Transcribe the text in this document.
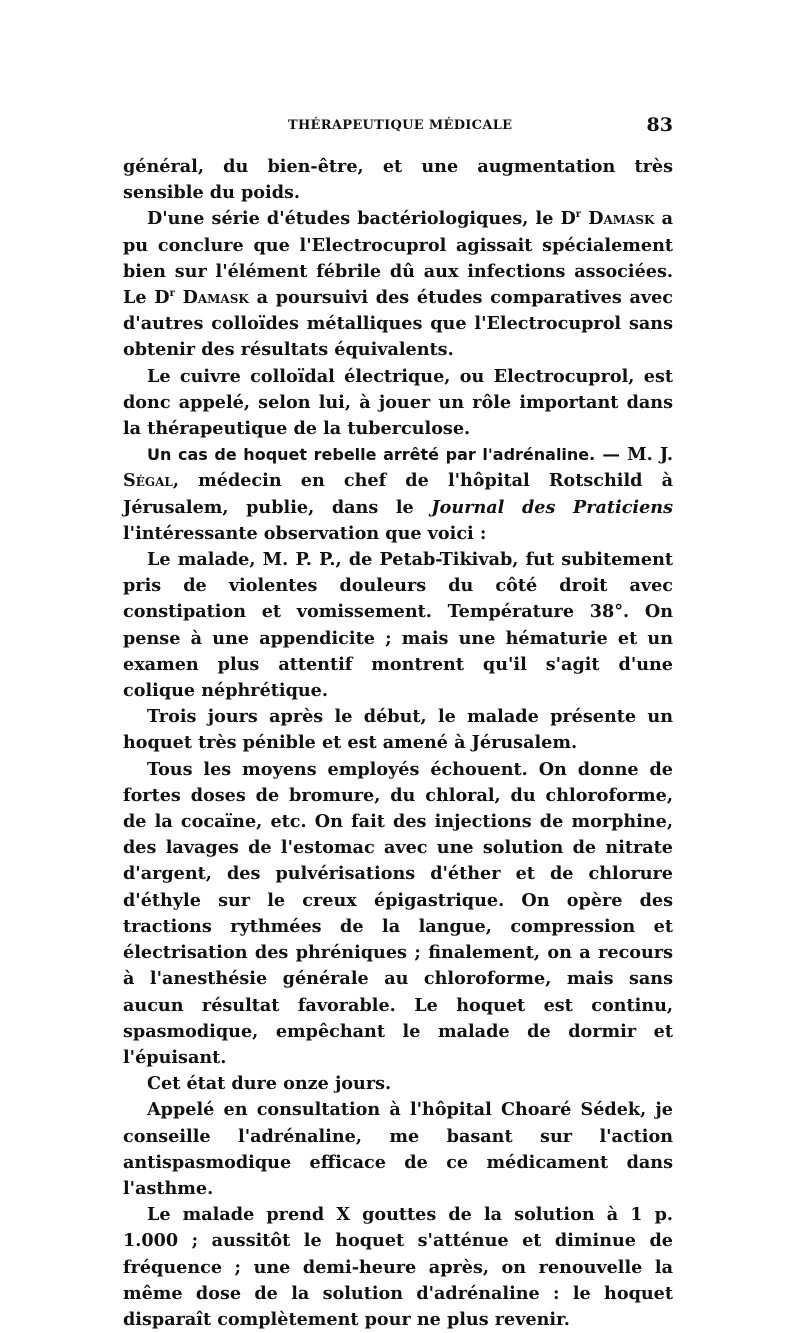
THÉRAPEUTIQUE MÉDICALE	83

général, du bien-être, et une augmentation très sensible du poids.

D'une série d'études bactériologiques, le $D^r$ Damask a pu conclure que l'Electrocuprol agissait spécialement bien sur l'élément fébrile dû aux infections associées. Le $D^r$ Damask a poursuivi des études comparatives avec d'autres colloïdes métalliques que l'Electrocuprol sans obtenir des résultats équivalents.

Le cuivre colloïdal électrique, ou Electrocuprol, est donc appelé, selon lui, à jouer un rôle important dans la thérapeutique de la tuberculose.

Un cas de hoquet rebelle arrêté par l'adrénaline. — M. J. Ségal, médecin en chef de l'hôpital Rotschild à Jérusalem, publie, dans le Journal des Praticiens l'intéressante observation que voici :

Le malade, M. P. P., de Petab-Tikivab, fut subitement pris de violentes douleurs du côté droit avec constipation et vomissement. Température 38°. On pense à une appendicite ; mais une hématurie et un examen plus attentif montrent qu'il s'agit d'une colique néphrétique.

Trois jours après le début, le malade présente un hoquet très pénible et est amené à Jérusalem.

Tous les moyens employés échouent. On donne de fortes doses de bromure, du chloral, du chloroforme, de la cocaïne, etc. On fait des injections de morphine, des lavages de l'estomac avec une solution de nitrate d'argent, des pulvérisations d'éther et de chlorure d'éthyle sur le creux épigastrique. On opère des tractions rythmées de la langue, compression et électrisation des phréniques ; finalement, on a recours à l'anesthésie générale au chloroforme, mais sans aucun résultat favorable. Le hoquet est continu, spasmodique, empêchant le malade de dormir et l'épuisant.

Cet état dure onze jours.

Appelé en consultation à l'hôpital Choaré Sédek, je conseille l'adrénaline, me basant sur l'action antispasmodique efficace de ce médicament dans l'asthme.

Le malade prend X gouttes de la solution à 1 p. 1.000 ; aussitôt le hoquet s'atténue et diminue de fréquence ; une demi-heure après, on renouvelle la même dose de la solution d'adrénaline : le hoquet disparaît complètement pour ne plus revenir.
